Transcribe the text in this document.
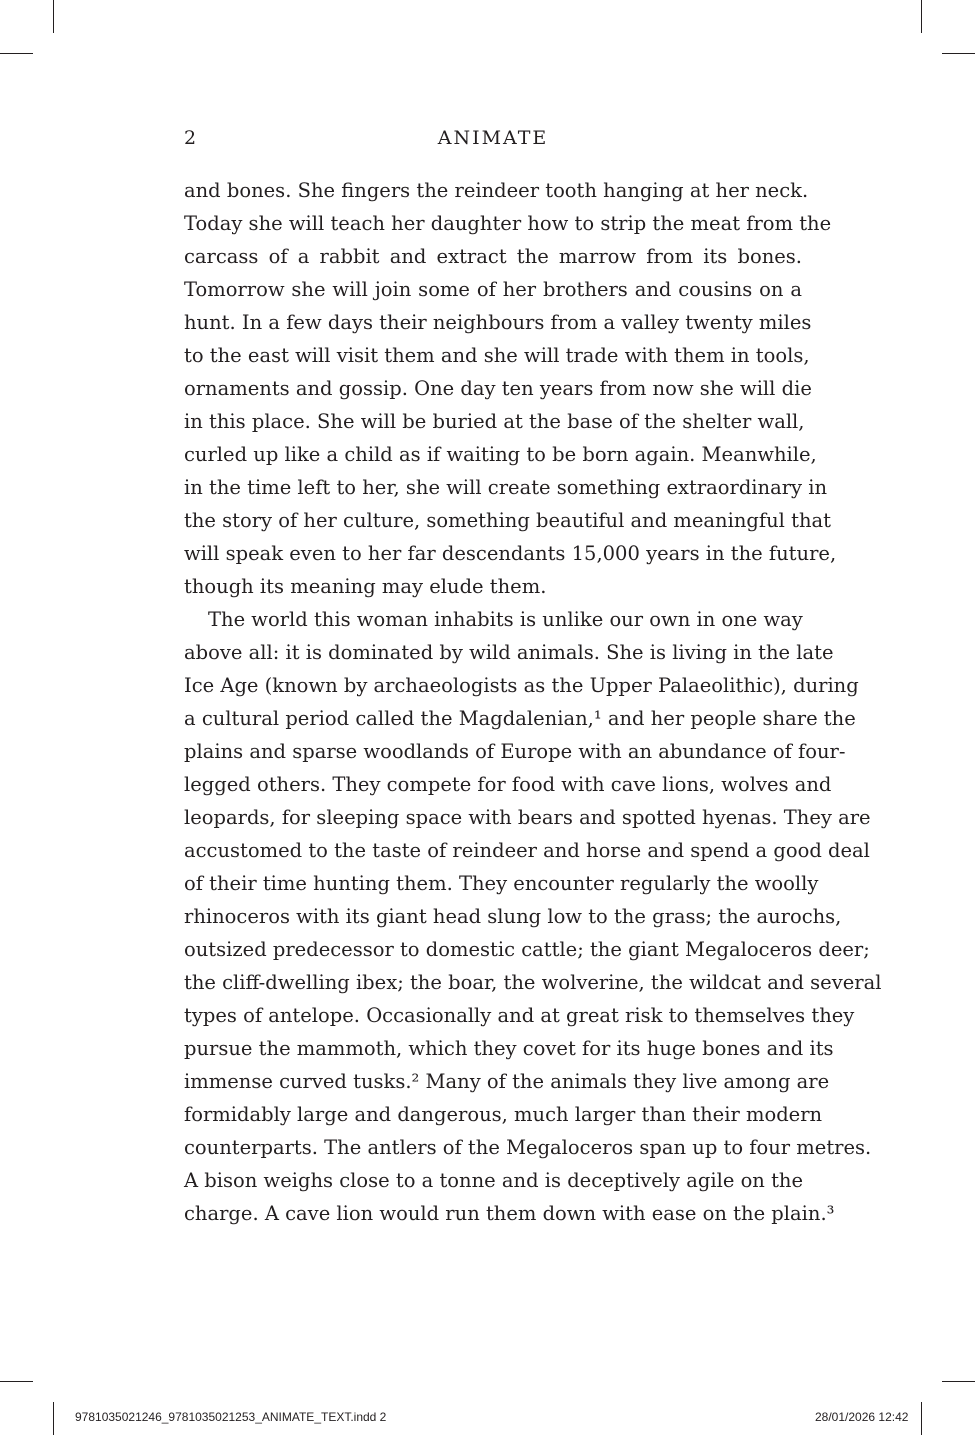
2	ANIMATE

and bones. She fingers the reindeer tooth hanging at her neck.
Today she will teach her daughter how to strip the meat from the
carcass of a rabbit and extract the marrow from its bones.
Tomorrow she will join some of her brothers and cousins on a
hunt. In a few days their neighbours from a valley twenty miles
to the east will visit them and she will trade with them in tools,
ornaments and gossip. One day ten years from now she will die
in this place. She will be buried at the base of the shelter wall,
curled up like a child as if waiting to be born again. Meanwhile,
in the time left to her, she will create something extraordinary in
the story of her culture, something beautiful and meaningful that
will speak even to her far descendants 15,000 years in the future,
though its meaning may elude them.

The world this woman inhabits is unlike our own in one way
above all: it is dominated by wild animals. She is living in the late
Ice Age (known by archaeologists as the Upper Palaeolithic), during
a cultural period called the Magdalenian,¹ and her people share the
plains and sparse woodlands of Europe with an abundance of four-
legged others. They compete for food with cave lions, wolves and
leopards, for sleeping space with bears and spotted hyenas. They are
accustomed to the taste of reindeer and horse and spend a good deal
of their time hunting them. They encounter regularly the woolly
rhinoceros with its giant head slung low to the grass; the aurochs,
outsized predecessor to domestic cattle; the giant Megaloceros deer;
the cliff-dwelling ibex; the boar, the wolverine, the wildcat and several
types of antelope. Occasionally and at great risk to themselves they
pursue the mammoth, which they covet for its huge bones and its
immense curved tusks.² Many of the animals they live among are
formidably large and dangerous, much larger than their modern
counterparts. The antlers of the Megaloceros span up to four metres.
A bison weighs close to a tonne and is deceptively agile on the
charge. A cave lion would run them down with ease on the plain.³

9781035021246_9781035021253_ANIMATE_TEXT.indd 2	28/01/2026 12:42
